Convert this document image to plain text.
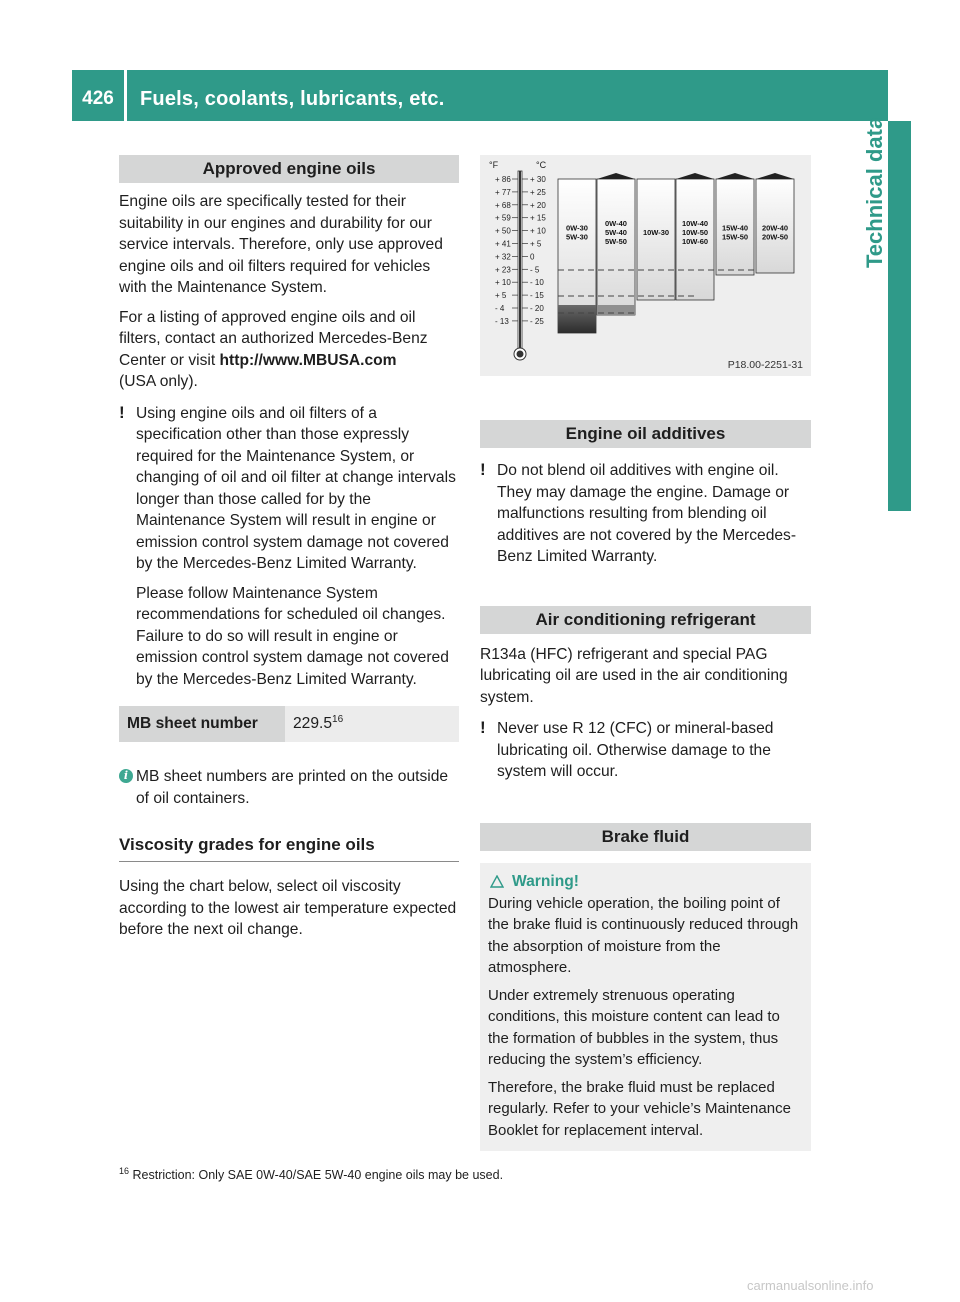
426	Fuels, coolants, lubricants, etc.
Technical data
Approved engine oils

Engine oils are specifically tested for their suitability in our engines and durability for our service intervals. Therefore, only use approved engine oils and oil filters required for vehicles with the Maintenance System.

For a listing of approved engine oils and oil filters, contact an authorized Mercedes-Benz Center or visit http://www.MBUSA.com
(USA only).

! Using engine oils and oil filters of a specification other than those expressly required for the Maintenance System, or changing of oil and oil filter at change intervals longer than those called for by the Maintenance System will result in engine or emission control system damage not covered by the Mercedes-Benz Limited Warranty.

Please follow Maintenance System recommendations for scheduled oil changes. Failure to do so will result in engine or emission control system damage not covered by the Mercedes-Benz Limited Warranty.

MB sheet number	229.5$^{16}$
i MB sheet numbers are printed on the outside of oil containers.

Viscosity grades for engine oils

Using the chart below, select oil viscosity according to the lowest air temperature expected before the next oil change.

°F	°C
+ 86
+ 77
+ 68
+ 59
+ 50
+ 41
+ 32
+ 23
+ 10
+ 5
- 4
- 13
+ 30
+ 25
+ 20
+ 15
+ 10
+ 5
0
- 5
- 10
- 15
- 20
- 25
0W-30
5W-30
0W-40
5W-40
5W-50
10W-30
10W-40
10W-50
10W-60
15W-40
15W-50
20W-40
20W-50
P18.00-2251-31
Engine oil additives
! Do not blend oil additives with engine oil. They may damage the engine. Damage or malfunctions resulting from blending oil additives are not covered by the Mercedes-Benz Limited Warranty.

Air conditioning refrigerant

R134a (HFC) refrigerant and special PAG lubricating oil are used in the air conditioning system.

! Never use R 12 (CFC) or mineral-based lubricating oil. Otherwise damage to the system will occur.

Brake fluid
Warning!

During vehicle operation, the boiling point of the brake fluid is continuously reduced through the absorption of moisture from the atmosphere.

Under extremely strenuous operating conditions, this moisture content can lead to the formation of bubbles in the system, thus reducing the system’s efficiency.

Therefore, the brake fluid must be replaced regularly. Refer to your vehicle’s Maintenance Booklet for replacement interval.

$^{16}$ Restriction: Only SAE 0W-40/SAE 5W-40 engine oils may be used.
carmanualsonline.info
